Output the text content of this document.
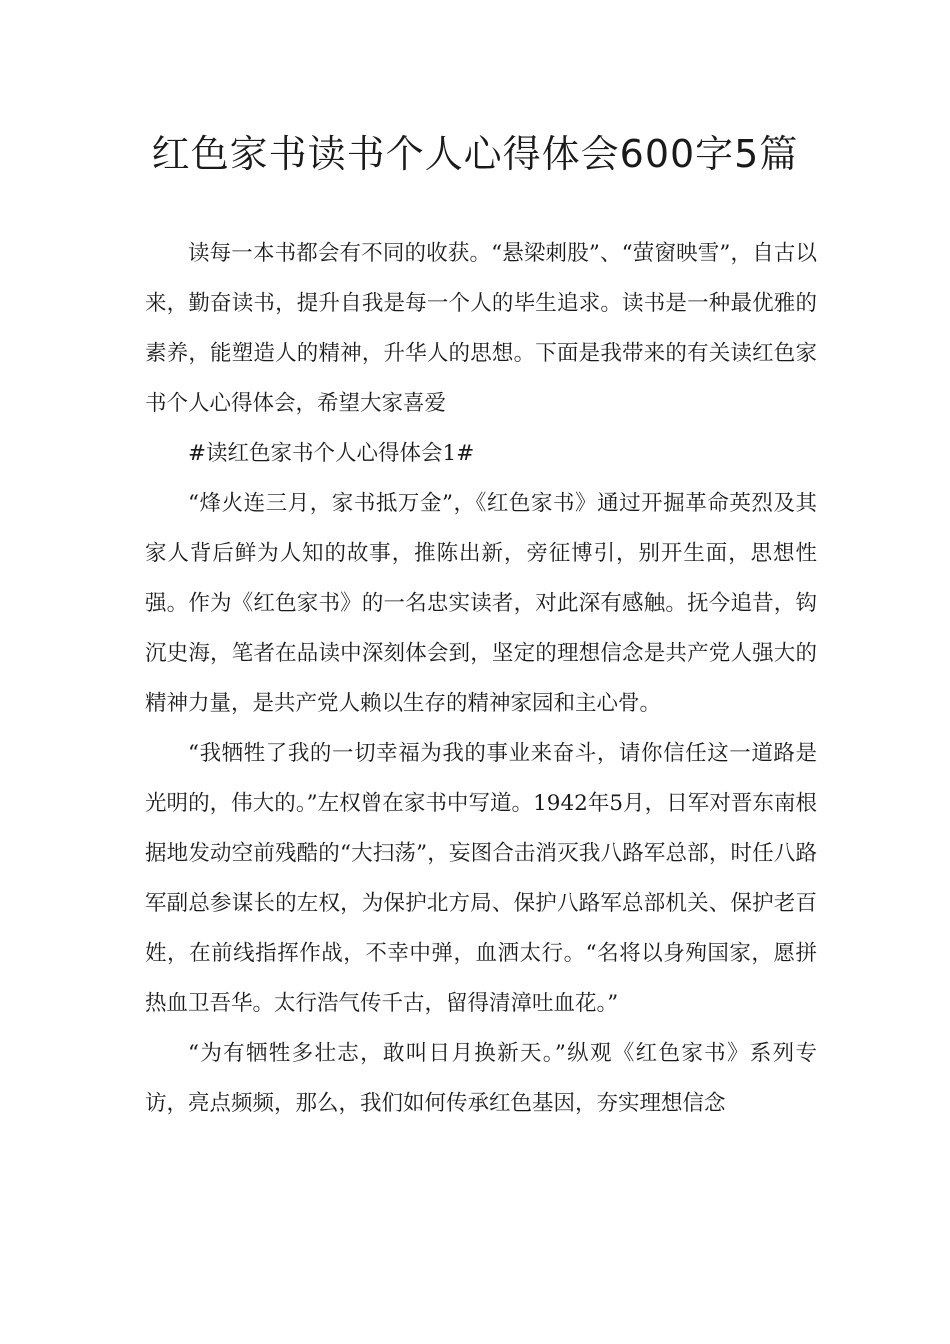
红色家书读书个人心得体会600字5篇

读每一本书都会有不同的收获。“悬梁刺股”、“萤窗映雪”，自古以来，勤奋读书，提升自我是每一个人的毕生追求。读书是一种最优雅的素养，能塑造人的精神，升华人的思想。下面是我带来的有关读红色家书个人心得体会，希望大家喜爱

#读红色家书个人心得体会1#

“烽火连三月，家书抵万金”，《红色家书》通过开掘革命英烈及其家人背后鲜为人知的故事，推陈出新，旁征博引，别开生面，思想性强。作为《红色家书》的一名忠实读者，对此深有感触。抚今追昔，钩沉史海，笔者在品读中深刻体会到，坚定的理想信念是共产党人强大的精神力量，是共产党人赖以生存的精神家园和主心骨。

“我牺牲了我的一切幸福为我的事业来奋斗，请你信任这一道路是光明的，伟大的。”左权曾在家书中写道。1942年5月，日军对晋东南根据地发动空前残酷的“大扫荡”，妄图合击消灭我八路军总部，时任八路军副总参谋长的左权，为保护北方局、保护八路军总部机关、保护老百姓，在前线指挥作战，不幸中弹，血洒太行。“名将以身殉国家，愿拼热血卫吾华。太行浩气传千古，留得清漳吐血花。”

“为有牺牲多壮志，敢叫日月换新天。”纵观《红色家书》系列专访，亮点频频，那么，我们如何传承红色基因，夯实理想信念
